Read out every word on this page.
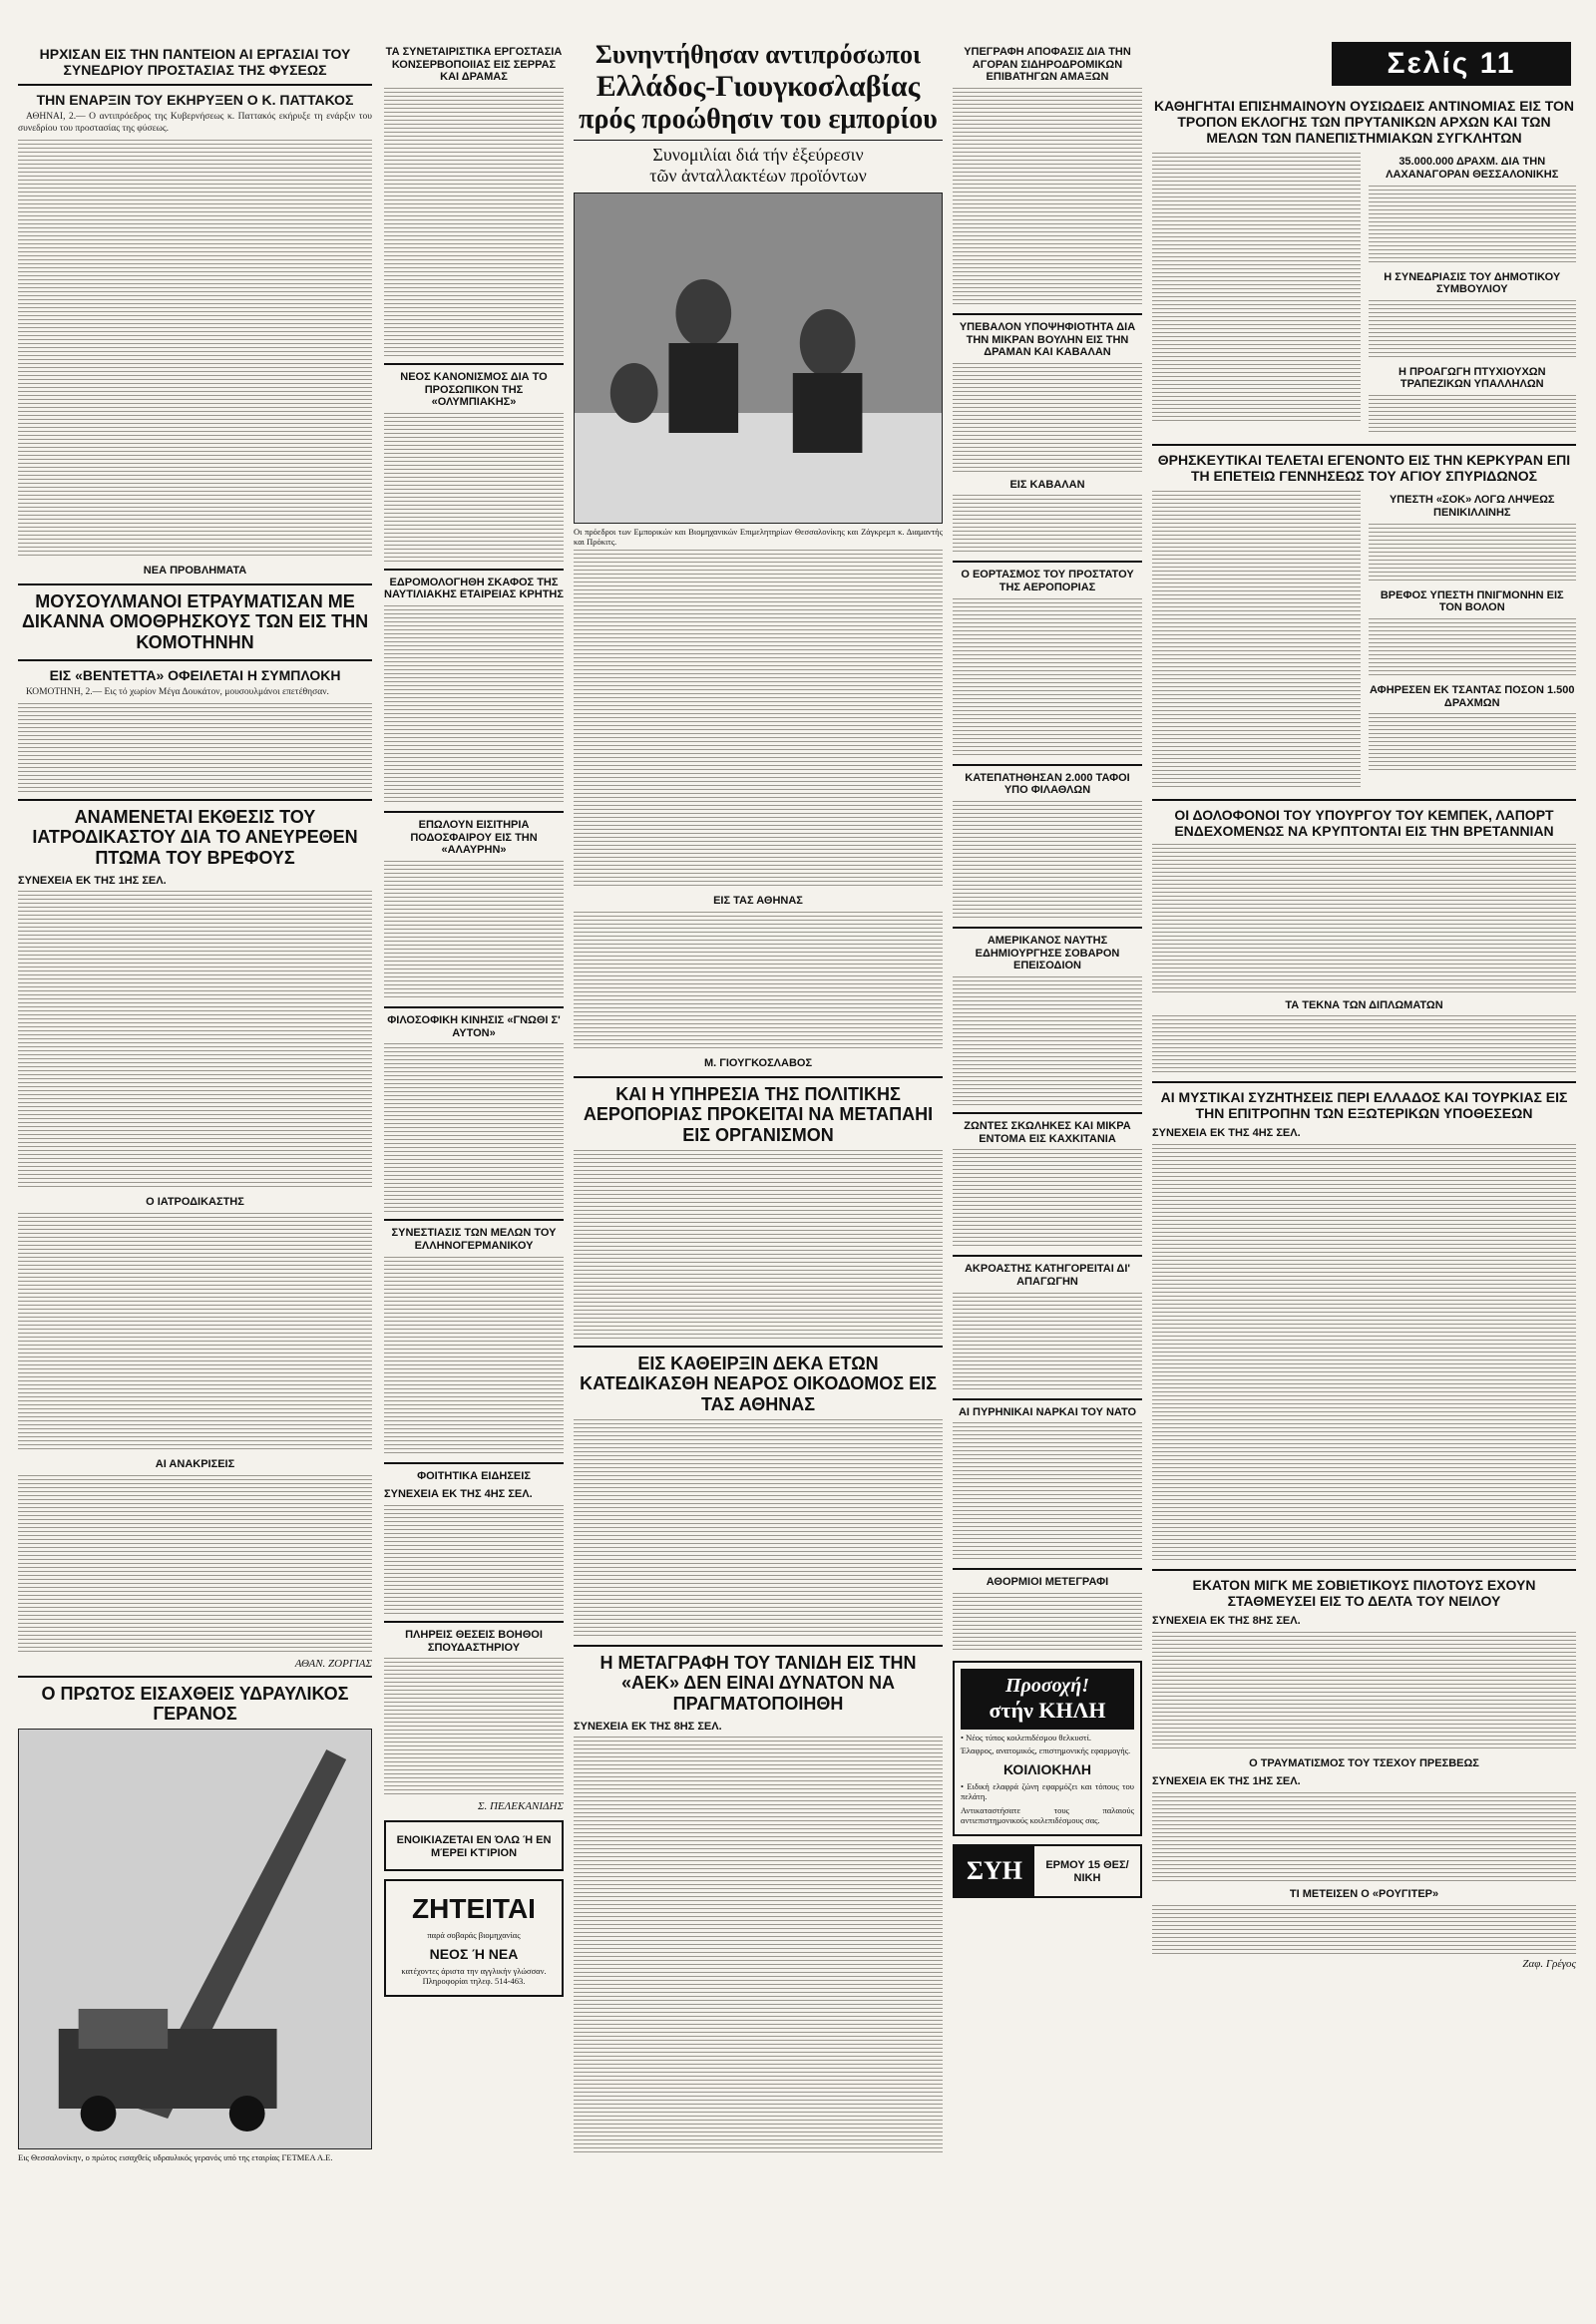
ΗΡΧΙΣΑΝ ΕΙΣ ΤΗΝ ΠΑΝΤΕΙΟΝ ΑΙ ΕΡΓΑΣΙΑΙ ΤΟΥ ΣΥΝΕΔΡΙΟΥ ΠΡΟΣΤΑΣΙΑΣ ΤΗΣ ΦΥΣΕΩΣ
ΤΗΝ ΕΝΑΡΞΙΝ ΤΟΥ ΕΚΗΡΥΞΕΝ Ο Κ. ΠΑΤΤΑΚΟΣ

ΑΘΗΝΑΙ, 2.— Ο αντιπρόεδρος της Κυβερνήσεως κ. Παττακός εκήρυξε τη ενάρξιν του συνεδρίου του προστασίας της φύσεως.

ΝΕΑ ΠΡΟΒΛΗΜΑΤΑ
ΜΟΥΣΟΥΛΜΑΝΟΙ ΕΤΡΑΥΜΑΤΙΣΑΝ ΜΕ ΔΙΚΑΝΝΑ ΟΜΟΘΡΗΣΚΟΥΣ ΤΩΝ ΕΙΣ ΤΗΝ ΚΟΜΟΤΗΝΗΝ
ΕΙΣ «ΒΕΝΤΕΤΤΑ» ΟΦΕΙΛΕΤΑΙ Η ΣΥΜΠΛΟΚΗ

ΚΟΜΟΤΗΝΗ, 2.— Εις τό χωρίον Μέγα Δουκάτον, μουσουλμάνοι επετέθησαν.

ΑΝΑΜΕΝΕΤΑΙ ΕΚΘΕΣΙΣ ΤΟΥ ΙΑΤΡΟΔΙΚΑΣΤΟΥ ΔΙΑ ΤΟ ΑΝΕΥΡΕΘΕΝ ΠΤΩΜΑ ΤΟΥ ΒΡΕΦΟΥΣ
ΣΥΝΕΧΕΙΑ ΕΚ ΤΗΣ 1ΗΣ ΣΕΛ.
Ο ΙΑΤΡΟΔΙΚΑΣΤΗΣ
ΑΙ ΑΝΑΚΡΙΣΕΙΣ
ΑΘΑΝ. ΖΟΡΓΙΑΣ
Ο ΠΡΩΤΟΣ ΕΙΣΑΧΘΕΙΣ ΥΔΡΑΥΛΙΚΟΣ ΓΕΡΑΝΟΣ

Εις Θεσσαλονίκην, ο πρώτος εισαχθείς υδραυλικός γερανός υπό της εταιρίας ΓΕΤΜΕΑ Α.Ε.

ΤΑ ΣΥΝΕΤΑΙΡΙΣΤΙΚΑ ΕΡΓΟΣΤΑΣΙΑ ΚΟΝΣΕΡΒΟΠΟΙΙΑΣ ΕΙΣ ΣΕΡΡΑΣ ΚΑΙ ΔΡΑΜΑΣ
ΝΕΟΣ ΚΑΝΟΝΙΣΜΟΣ ΔΙΑ ΤΟ ΠΡΟΣΩΠΙΚΟΝ ΤΗΣ «ΟΛΥΜΠΙΑΚΗΣ»
ΕΔΡΟΜΟΛΟΓΗΘΗ ΣΚΑΦΟΣ ΤΗΣ ΝΑΥΤΙΛΙΑΚΗΣ ΕΤΑΙΡΕΙΑΣ ΚΡΗΤΗΣ
ΕΠΩΛΟΥΝ ΕΙΣΙΤΗΡΙΑ ΠΟΔΟΣΦΑΙΡΟΥ ΕΙΣ ΤΗΝ «ΑΛΑΥΡΗΝ»
ΦΙΛΟΣΟΦΙΚΗ ΚΙΝΗΣΙΣ «ΓΝΩΘΙ Σ' ΑΥΤΟΝ»
ΣΥΝΕΣΤΙΑΣΙΣ ΤΩΝ ΜΕΛΩΝ ΤΟΥ ΕΛΛΗΝΟΓΕΡΜΑΝΙΚΟΥ
ΦΟΙΤΗΤΙΚΑ ΕΙΔΗΣΕΙΣ
ΣΥΝΕΧΕΙΑ ΕΚ ΤΗΣ 4ΗΣ ΣΕΛ.
ΠΛΗΡΕΙΣ ΘΕΣΕΙΣ ΒΟΗΘΟΙ ΣΠΟΥΔΑΣΤΗΡΙΟΥ
Σ. ΠΕΛΕΚΑΝΙΔΗΣ
ΕΝΟΙΚΙΑΖΕΤΑΙ ΕΝ ΌΛΩ Ή ΕΝ ΜΈΡΕΙ ΚΤΊΡΙΟΝ
ΖΗΤΕΙΤΑΙ
παρά σοβαράς βιομηχανίας
ΝΕΟΣ Ή ΝΕΑ
κατέχοντες άριστα την αγγλικήν γλώσσαν. Πληροφορίαι τηλεφ. 514-463.
Συνηντήθησαν αντιπρόσωποι
Ελλάδος-Γιουγκοσλαβίας
πρός προώθησιν του εμπορίου
Συνομιλίαι διά τήν ἐξεύρεσιν
τῶν ἀνταλλακτέων προϊόντων

Οι πρόεδροι των Εμπορικών και Βιομηχανικών Επιμελητηρίων Θεσσαλονίκης και Ζάγκρεμπ κ. Διαμαντής και Πρόκιτς.

ΕΙΣ ΤΑΣ ΑΘΗΝΑΣ
Μ. ΓΙΟΥΓΚΟΣΛΑΒΟΣ
ΚΑΙ Η ΥΠΗΡΕΣΙΑ ΤΗΣ ΠΟΛΙΤΙΚΗΣ ΑΕΡΟΠΟΡΙΑΣ ΠΡΟΚΕΙΤΑΙ ΝΑ ΜΕΤΑΠΑΗΙ ΕΙΣ ΟΡΓΑΝΙΣΜΟΝ
ΕΙΣ ΚΑΘΕΙΡΞΙΝ ΔΕΚΑ ΕΤΩΝ ΚΑΤΕΔΙΚΑΣΘΗ ΝΕΑΡΟΣ ΟΙΚΟΔΟΜΟΣ ΕΙΣ ΤΑΣ ΑΘΗΝΑΣ
Η ΜΕΤΑΓΡΑΦΗ ΤΟΥ ΤΑΝΙΔΗ ΕΙΣ ΤΗΝ «ΑΕΚ» ΔΕΝ ΕΙΝΑΙ ΔΥΝΑΤΟΝ ΝΑ ΠΡΑΓΜΑΤΟΠΟΙΗΘΗ
ΣΥΝΕΧΕΙΑ ΕΚ ΤΗΣ 8ΗΣ ΣΕΛ.
ΥΠΕΓΡΑΦΗ ΑΠΟΦΑΣΙΣ ΔΙΑ ΤΗΝ ΑΓΟΡΑΝ ΣΙΔΗΡΟΔΡΟΜΙΚΩΝ ΕΠΙΒΑΤΗΓΩΝ ΑΜΑΞΩΝ
ΥΠΕΒΑΛΟΝ ΥΠΟΨΗΦΙΟΤΗΤΑ ΔΙΑ ΤΗΝ ΜΙΚΡΑΝ ΒΟΥΛΗΝ ΕΙΣ ΤΗΝ ΔΡΑΜΑΝ ΚΑΙ ΚΑΒΑΛΑΝ
ΕΙΣ ΚΑΒΑΛΑΝ
Ο ΕΟΡΤΑΣΜΟΣ ΤΟΥ ΠΡΟΣΤΑΤΟΥ ΤΗΣ ΑΕΡΟΠΟΡΙΑΣ
ΚΑΤΕΠΑΤΗΘΗΣΑΝ 2.000 ΤΑΦΟΙ ΥΠΟ ΦΙΛΑΘΛΩΝ
ΑΜΕΡΙΚΑΝΟΣ ΝΑΥΤΗΣ ΕΔΗΜΙΟΥΡΓΗΣΕ ΣΟΒΑΡΟΝ ΕΠΕΙΣΟΔΙΟΝ
ΖΩΝΤΕΣ ΣΚΩΛΗΚΕΣ ΚΑΙ ΜΙΚΡΑ ΕΝΤΟΜΑ ΕΙΣ ΚΑΧΚΙΤΑΝΙΑ
ΑΚΡΟΑΣΤΗΣ ΚΑΤΗΓΟΡΕΙΤΑΙ ΔΙ' ΑΠΑΓΩΓΗΝ
ΑΙ ΠΥΡΗΝΙΚΑΙ ΝΑΡΚΑΙ ΤΟΥ ΝΑΤΟ
ΑΘΟΡΜΙΟΙ ΜΕΤΕΓΡΑΦΙ
Προσοχή!
στήν ΚΗΛΗ
• Νέος τύπος κοιλεπιδέσμου θελκυστί.
Έλαφρος, ανατομικός, επιστημονικής εφαρμογής.
ΚΟΙΛΙΟΚΗΛΗ
• Ειδική ελαφρά ζώνη εφαρμόζει και τόπους του πελάτη.
Αντικαταστήσατε τους παλαιούς αντιεπιστημονικούς κοιλεπιδέσμους σας.
ΣΥΗ	ΕΡΜΟΥ 15 ΘΕΣ/ΝΙΚΗ
Σελίς 11
ΚΑΘΗΓΗΤΑΙ ΕΠΙΣΗΜΑΙΝΟΥΝ ΟΥΣΙΩΔΕΙΣ ΑΝΤΙΝΟΜΙΑΣ ΕΙΣ ΤΟΝ ΤΡΟΠΟΝ ΕΚΛΟΓΗΣ ΤΩΝ ΠΡΥΤΑΝΙΚΩΝ ΑΡΧΩΝ ΚΑΙ ΤΩΝ ΜΕΛΩΝ ΤΩΝ ΠΑΝΕΠΙΣΤΗΜΙΑΚΩΝ ΣΥΓΚΛΗΤΩΝ
35.000.000 ΔΡΑΧΜ. ΔΙΑ ΤΗΝ ΛΑΧΑΝΑΓΟΡΑΝ ΘΕΣΣΑΛΟΝΙΚΗΣ
Η ΣΥΝΕΔΡΙΑΣΙΣ ΤΟΥ ΔΗΜΟΤΙΚΟΥ ΣΥΜΒΟΥΛΙΟΥ
Η ΠΡΟΑΓΩΓΗ ΠΤΥΧΙΟΥΧΩΝ ΤΡΑΠΕΖΙΚΩΝ ΥΠΑΛΛΗΛΩΝ
ΘΡΗΣΚΕΥΤΙΚΑΙ ΤΕΛΕΤΑΙ ΕΓΕΝΟΝΤΟ ΕΙΣ ΤΗΝ ΚΕΡΚΥΡΑΝ ΕΠΙ ΤΗ ΕΠΕΤΕΙΩ ΓΕΝΝΗΣΕΩΣ ΤΟΥ ΑΓΙΟΥ ΣΠΥΡΙΔΩΝΟΣ
ΥΠΕΣΤΗ «ΣΟΚ» ΛΟΓΩ ΛΗΨΕΩΣ ΠΕΝΙΚΙΛΛΙΝΗΣ
ΒΡΕΦΟΣ ΥΠΕΣΤΗ ΠΝΙΓΜΟΝΗΝ ΕΙΣ ΤΟΝ ΒΟΛΟΝ
ΑΦΗΡΕΣΕΝ ΕΚ ΤΣΑΝΤΑΣ ΠΟΣΟΝ 1.500 ΔΡΑΧΜΩΝ
ΟΙ ΔΟΛΟΦΟΝΟΙ ΤΟΥ ΥΠΟΥΡΓΟΥ ΤΟΥ ΚΕΜΠΕΚ, ΛΑΠΟΡΤ ΕΝΔΕΧΟΜΕΝΩΣ ΝΑ ΚΡΥΠΤΟΝΤΑΙ ΕΙΣ ΤΗΝ ΒΡΕΤΑΝΝΙΑΝ
ΤΑ ΤΕΚΝΑ ΤΩΝ ΔΙΠΛΩΜΑΤΩΝ
ΑΙ ΜΥΣΤΙΚΑΙ ΣΥΖΗΤΗΣΕΙΣ ΠΕΡΙ ΕΛΛΑΔΟΣ ΚΑΙ ΤΟΥΡΚΙΑΣ ΕΙΣ ΤΗΝ ΕΠΙΤΡΟΠΗΝ ΤΩΝ ΕΞΩΤΕΡΙΚΩΝ ΥΠΟΘΕΣΕΩΝ
ΣΥΝΕΧΕΙΑ ΕΚ ΤΗΣ 4ΗΣ ΣΕΛ.
ΕΚΑΤΟΝ ΜΙΓΚ ΜΕ ΣΟΒΙΕΤΙΚΟΥΣ ΠΙΛΟΤΟΥΣ ΕΧΟΥΝ ΣΤΑΘΜΕΥΣΕΙ ΕΙΣ ΤΟ ΔΕΛΤΑ ΤΟΥ ΝΕΙΛΟΥ
ΣΥΝΕΧΕΙΑ ΕΚ ΤΗΣ 8ΗΣ ΣΕΛ.
Ο ΤΡΑΥΜΑΤΙΣΜΟΣ ΤΟΥ ΤΣΕΧΟΥ ΠΡΕΣΒΕΩΣ
ΣΥΝΕΧΕΙΑ ΕΚ ΤΗΣ 1ΗΣ ΣΕΛ.
ΤΙ ΜΕΤΕΙΣΕΝ Ο «ΡΟΥΓΙΤΕΡ»
Ζαφ. Γρέγος
